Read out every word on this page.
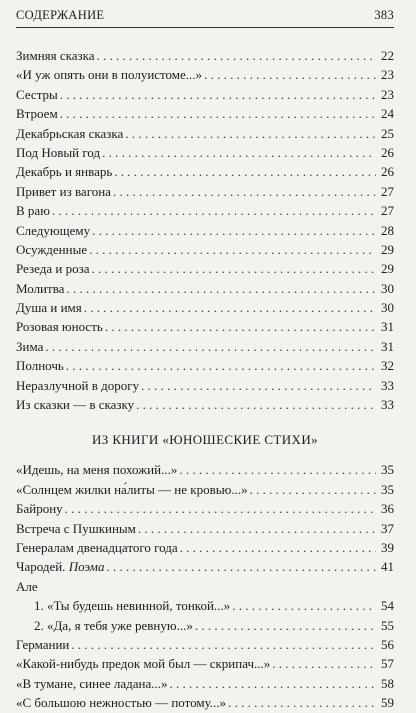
СОДЕРЖАНИЕ	383
Зимняя сказка . . .	22
«И уж опять они в полуистоме...» . . .	23
Сестры . . .	23
Втроем . . .	24
Декабрьская сказка . . .	25
Под Новый год . . .	26
Декабрь и январь . . .	26
Привет из вагона . . .	27
В раю . . .	27
Следующему . . .	28
Осужденные . . .	29
Резеда и роза . . .	29
Молитва . . .	30
Душа и имя . . .	30
Розовая юность . . .	31
Зима . . .	31
Полночь . . .	32
Неразлучной в дорогу . . .	33
Из сказки — в сказку . . .	33
ИЗ КНИГИ «ЮНОШЕСКИЕ СТИХИ»
«Идешь, на меня похожий...» . . .	35
«Солнцем жилки на́литы — не кровью...» . . .	35
Байрону . . .	36
Встреча с Пушкиным . . .	37
Генералам двенадцатого года . . .	39
Чародей. Поэма . . .	41
Але
1. «Ты будешь невинной, тонкой...» . . .	54
2. «Да, я тебя уже ревную...» . . .	55
Германии . . .	56
«Какой-нибудь предок мой был — скрипач...» . . .	57
«В тумане, синее ладана...» . . .	58
«С большою нежностью — потому...» . . .	59
